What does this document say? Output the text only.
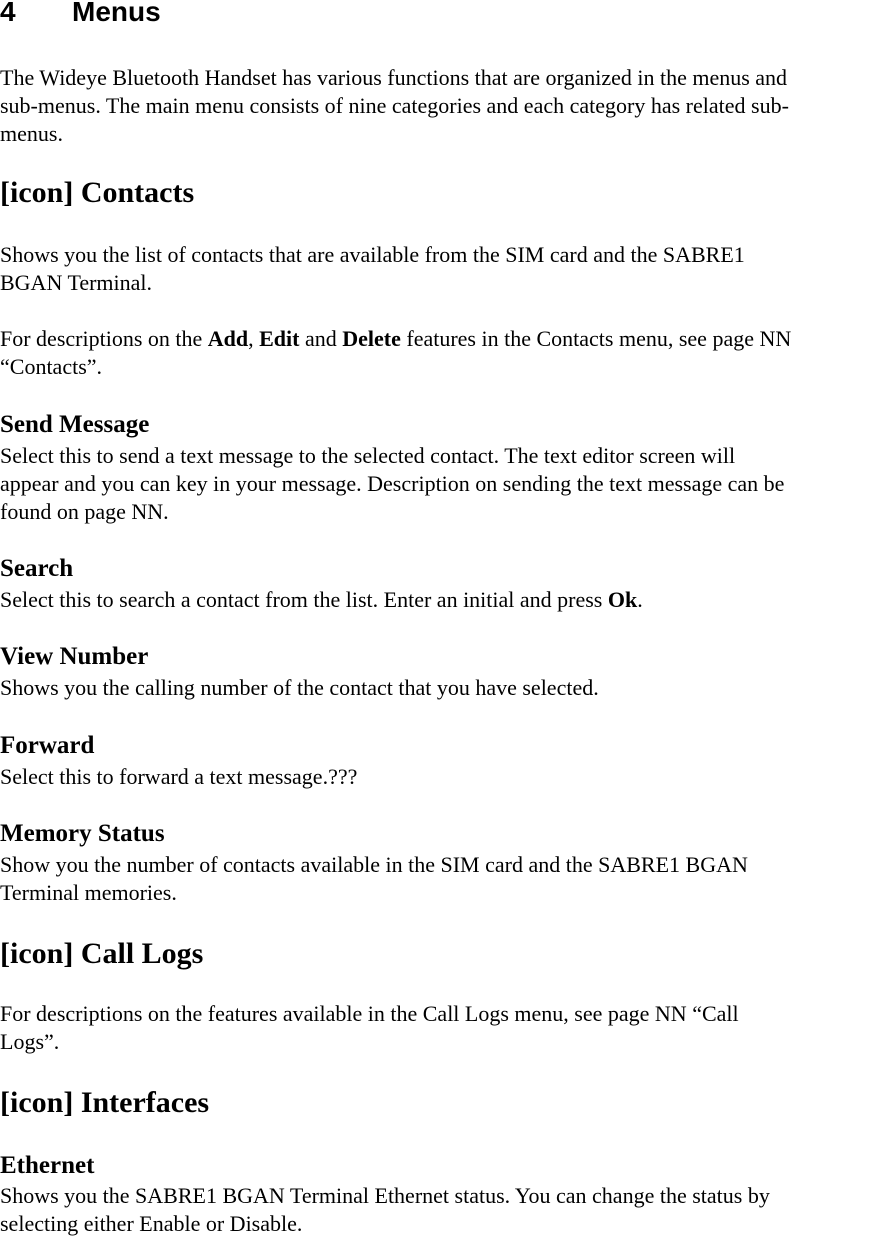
4 Menus

The Wideye Bluetooth Handset has various functions that are organized in the menus and

sub-menus. The main menu consists of nine categories and each category has related sub-

menus.

[icon] Contacts

Shows you the list of contacts that are available from the SIM card and the SABRE1

BGAN Terminal.

For descriptions on the Add, Edit and Delete features in the Contacts menu, see page NN

“Contacts”.

Send Message

Select this to send a text message to the selected contact. The text editor screen will

appear and you can key in your message. Description on sending the text message can be

found on page NN.

Search

Select this to search a contact from the list. Enter an initial and press Ok.

View Number

Shows you the calling number of the contact that you have selected.

Forward

Select this to forward a text message.???

Memory Status

Show you the number of contacts available in the SIM card and the SABRE1 BGAN

Terminal memories.

[icon] Call Logs

For descriptions on the features available in the Call Logs menu, see page NN “Call

Logs”.

[icon] Interfaces
Ethernet

Shows you the SABRE1 BGAN Terminal Ethernet status. You can change the status by

selecting either Enable or Disable.
